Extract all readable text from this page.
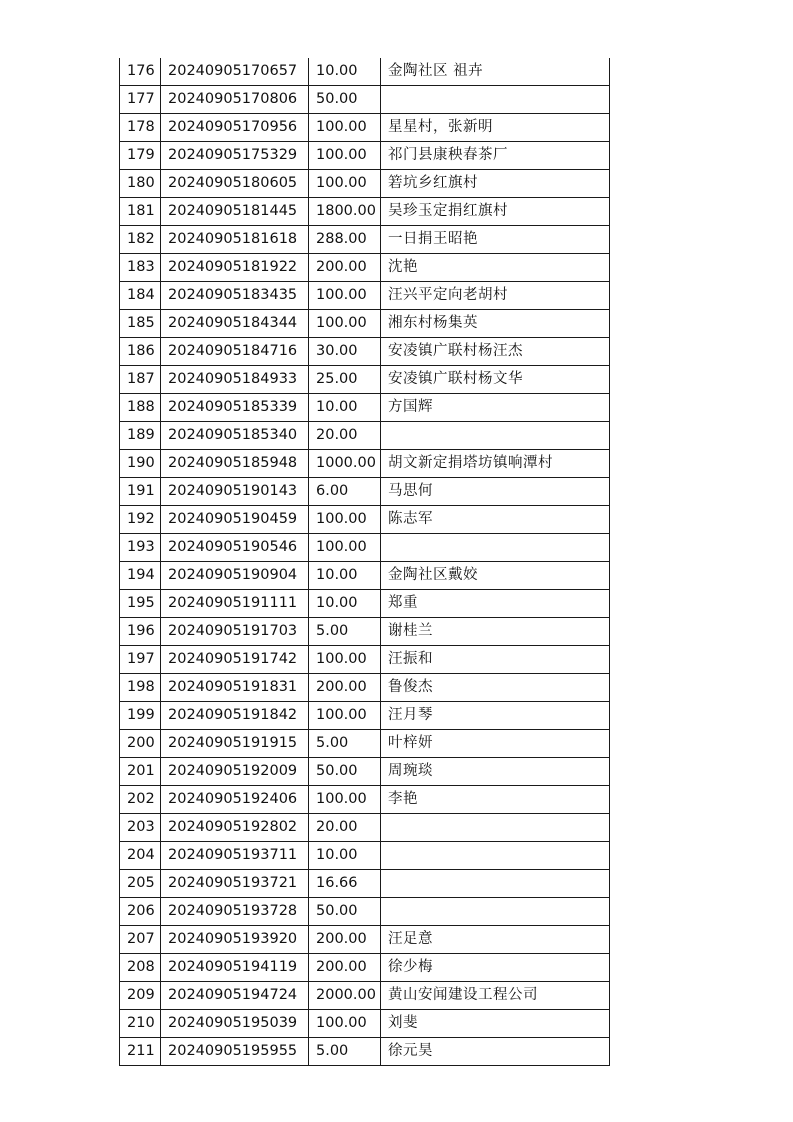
176	20240905170657	10.00	金陶社区 祖卉
177	20240905170806	50.00	
178	20240905170956	100.00	星星村，张新明
179	20240905175329	100.00	祁门县康秧春茶厂
180	20240905180605	100.00	箬坑乡红旗村
181	20240905181445	1800.00	吴珍玉定捐红旗村
182	20240905181618	288.00	一日捐王昭艳
183	20240905181922	200.00	沈艳
184	20240905183435	100.00	汪兴平定向老胡村
185	20240905184344	100.00	湘东村杨集英
186	20240905184716	30.00	安凌镇广联村杨汪杰
187	20240905184933	25.00	安凌镇广联村杨文华
188	20240905185339	10.00	方国辉
189	20240905185340	20.00	
190	20240905185948	1000.00	胡文新定捐塔坊镇响潭村
191	20240905190143	6.00	马思何
192	20240905190459	100.00	陈志军
193	20240905190546	100.00	
194	20240905190904	10.00	金陶社区戴姣
195	20240905191111	10.00	郑重
196	20240905191703	5.00	谢桂兰
197	20240905191742	100.00	汪振和
198	20240905191831	200.00	鲁俊杰
199	20240905191842	100.00	汪月琴
200	20240905191915	5.00	叶梓妍
201	20240905192009	50.00	周琬琰
202	20240905192406	100.00	李艳
203	20240905192802	20.00	
204	20240905193711	10.00	
205	20240905193721	16.66	
206	20240905193728	50.00	
207	20240905193920	200.00	汪足意
208	20240905194119	200.00	徐少梅
209	20240905194724	2000.00	黄山安闻建设工程公司
210	20240905195039	100.00	刘斐
211	20240905195955	5.00	徐元昊
